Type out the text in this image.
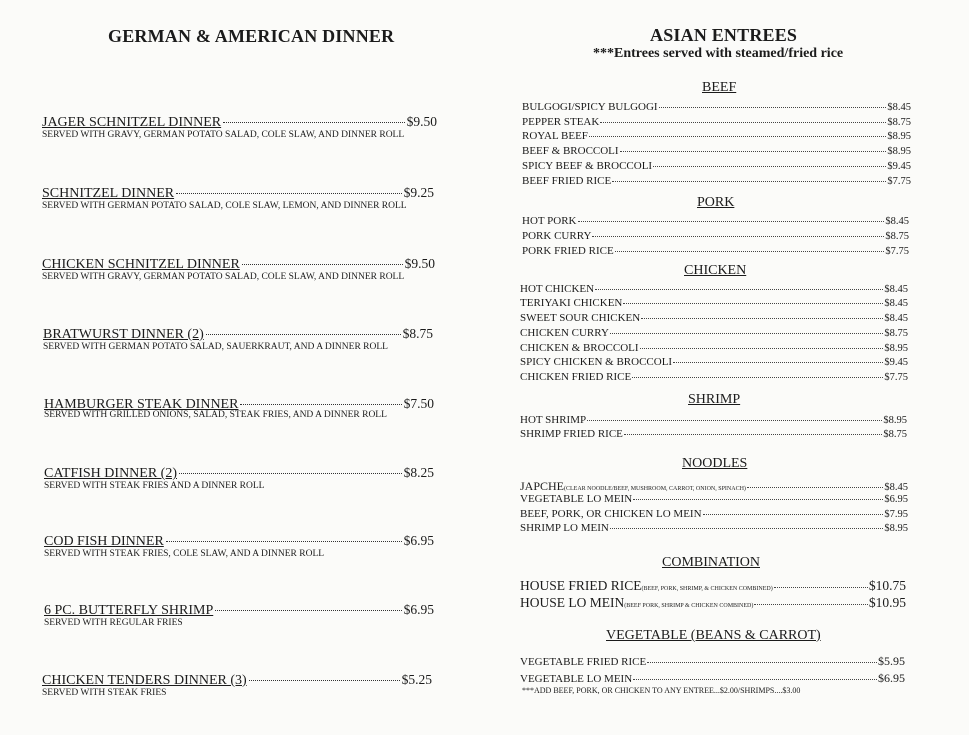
GERMAN & AMERICAN DINNER
JAGER SCHNITZEL DINNER	$9.50
SERVED WITH GRAVY, GERMAN POTATO SALAD, COLE SLAW, AND DINNER ROLL
SCHNITZEL DINNER	$9.25
SERVED WITH GERMAN POTATO SALAD, COLE SLAW, LEMON, AND DINNER ROLL
CHICKEN SCHNITZEL DINNER	$9.50
SERVED WITH GRAVY, GERMAN POTATO SALAD, COLE SLAW, AND DINNER ROLL
BRATWURST DINNER (2)	$8.75
SERVED WITH GERMAN POTATO SALAD, SAUERKRAUT, AND A DINNER ROLL
HAMBURGER STEAK DINNER	$7.50
SERVED WITH GRILLED ONIONS, SALAD, STEAK FRIES, AND A DINNER ROLL
CATFISH DINNER (2)	$8.25
SERVED WITH STEAK FRIES AND A DINNER ROLL
COD FISH DINNER	$6.95
SERVED WITH STEAK FRIES, COLE SLAW, AND A DINNER ROLL
6 PC. BUTTERFLY SHRIMP	$6.95
SERVED WITH REGULAR FRIES
CHICKEN TENDERS DINNER (3)	$5.25
SERVED WITH STEAK FRIES
ASIAN ENTREES
***Entrees served with steamed/fried rice
BEEF
BULGOGI/SPICY BULGOGI	$8.45
PEPPER STEAK	$8.75
ROYAL BEEF	$8.95
BEEF & BROCCOLI	$8.95
SPICY BEEF & BROCCOLI	$9.45
BEEF FRIED RICE	$7.75
PORK
HOT PORK	$8.45
PORK CURRY	$8.75
PORK FRIED RICE	$7.75
CHICKEN
HOT CHICKEN	$8.45
TERIYAKI CHICKEN	$8.45
SWEET SOUR CHICKEN	$8.45
CHICKEN CURRY	$8.75
CHICKEN & BROCCOLI	$8.95
SPICY CHICKEN & BROCCOLI	$9.45
CHICKEN FRIED RICE	$7.75
SHRIMP
HOT SHRIMP	$8.95
SHRIMP FRIED RICE	$8.75
NOODLES
JAPCHE (CLEAR NOODLE/BEEF, MUSHROOM, CARROT, ONION, SPINACH)	$8.45
VEGETABLE LO MEIN	$6.95
BEEF, PORK, OR CHICKEN LO MEIN	$7.95
SHRIMP LO MEIN	$8.95
COMBINATION
HOUSE FRIED RICE (BEEF, PORK, SHRIMP, & CHICKEN COMBINED)	$10.75
HOUSE LO MEIN (BEEF PORK, SHRIMP & CHICKEN COMBINED)	$10.95
VEGETABLE (BEANS & CARROT)
VEGETABLE FRIED RICE	$5.95
VEGETABLE LO MEIN	$6.95
***ADD BEEF, PORK, OR CHICKEN TO ANY ENTREE...$2.00/SHRIMPS....$3.00
